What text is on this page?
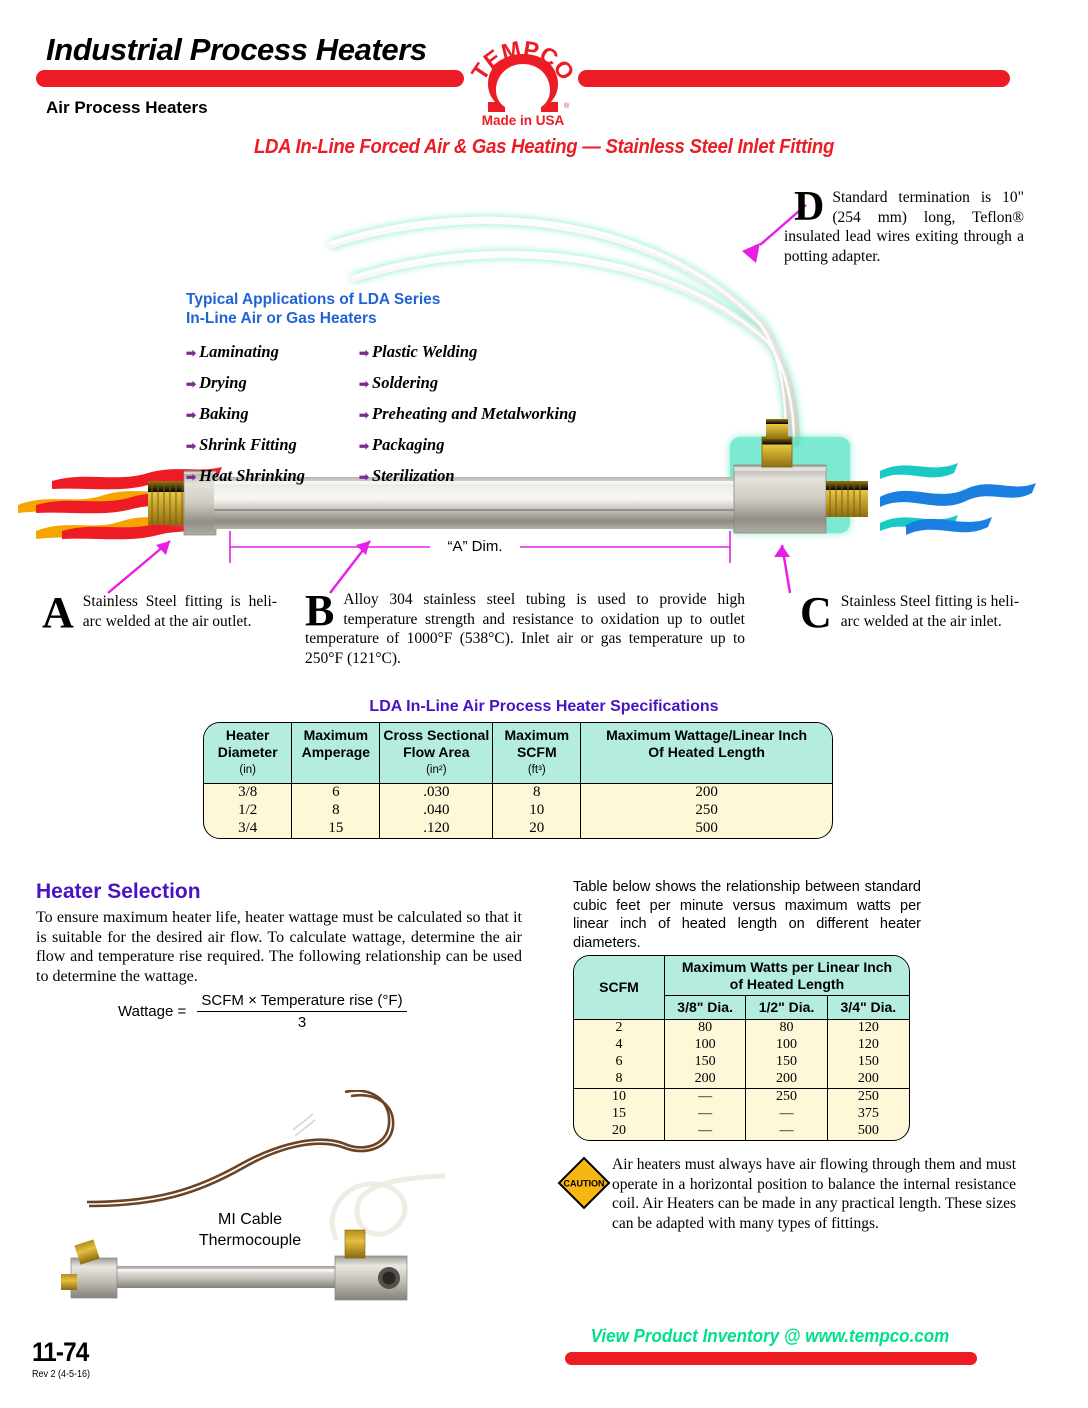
Industrial Process Heaters
Air Process Heaters
LDA In-Line Forced Air & Gas Heating — Stainless Steel Inlet Fitting
TEMPCO
®
Made in USA
“A” Dim.
Typical Applications of LDA Series
In-Line Air or Gas Heaters
➡ Laminating	➡ Plastic Welding
➡ Drying	➡ Soldering
➡ Baking	➡ Preheating and Metalworking
➡ Shrink Fitting	➡ Packaging
➡ Heat Shrinking	➡ Sterilization
D Standard termination is 10" (254 mm) long, Teflon® insulated lead wires exiting through a potting adapter.
A Stainless Steel fitting is heli-arc welded at the air outlet.	B Alloy 304 stainless steel tubing is used to provide high temperature strength and resistance to oxidation up to outlet temperature of 1000°F (538°C). Inlet air or gas temperature up to 250°F (121°C).
C Stainless Steel fitting is heli-arc welded at the air inlet.
LDA In-Line Air Process Heater Specifications
Heater
Diameter
(in)	Maximum
Amperage	Cross Sectional
Flow Area
(in²)	Maximum
SCFM
(ft³)	Maximum Wattage/Linear Inch
Of Heated Length

3/8	6	.030	8	200
1/2	8	.040	10	250
3/4	15	.120	20	500
Heater Selection
To ensure maximum heater life, heater wattage must be calculated so that it is suitable for the desired air flow. To calculate wattage, determine the air flow and temperature rise required. The following relationship can be used to determine the wattage.
Wattage = $\frac{\text{SCFM × Temperature rise (°F)}}{3}$
Table below shows the relationship between standard cubic feet per minute versus maximum watts per linear inch of heated length on different heater diameters.
SCFM	Maximum Watts per Linear Inch
of Heated Length		
	3/8" Dia.	1/2" Dia.	3/4" Dia.
2	80	80	120
4	100	100	120
6	150	150	150
8	200	200	200
10	—	250	250
15	—	—	375
20	—	—	500
MI Cable
Thermocouple
CAUTION
Air heaters must always have air flowing through them and must operate in a horizontal position to balance the internal resistance coil. Air Heaters can be made in any practical length. These sizes can be adapted with many types of fittings.
11-74
Rev 2 (4-5-16)
View Product Inventory @ www.tempco.com
